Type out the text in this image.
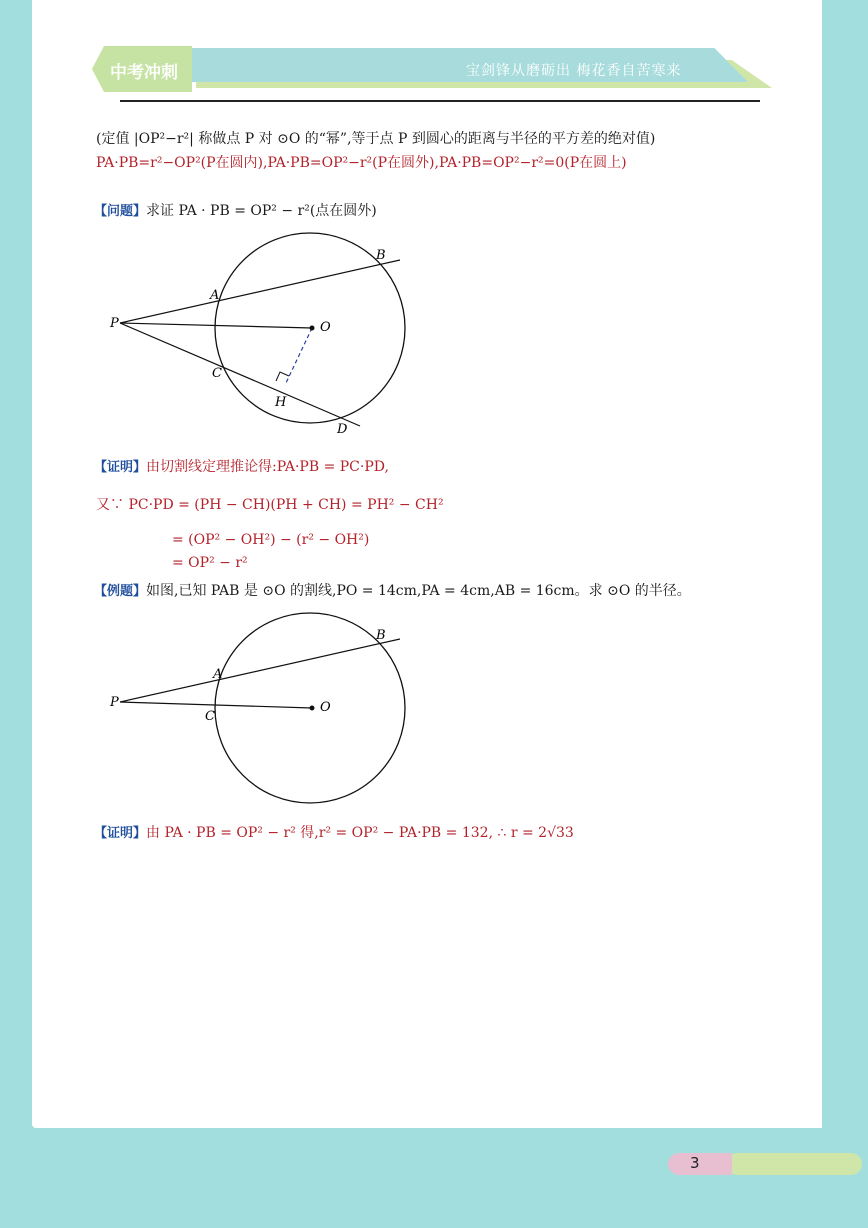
中考冲刺	宝剑锋从磨砺出 梅花香自苦寒来
(定值 |OP²−r²| 称做点 P 对 ⊙O 的“幂”,等于点 P 到圆心的距离与半径的平方差的绝对值)
PA·PB=r²−OP²(P在圆内),PA·PB=OP²−r²(P在圆外),PA·PB=OP²−r²=0(P在圆上)
【问题】求证 PA · PB = OP² − r²(点在圆外)
P
A
B
O
C
H
D
【证明】由切割线定理推论得:PA·PB = PC·PD,
又∵ PC·PD = (PH − CH)(PH + CH) = PH² − CH²
= (OP² − OH²) − (r² − OH²)
= OP² − r²
【例题】如图,已知 PAB 是 ⊙O 的割线,PO = 14cm,PA = 4cm,AB = 16cm。求 ⊙O 的半径。
P
A
B
O
C
【证明】由 PA · PB = OP² − r² 得,r² = OP² − PA·PB = 132, ∴ r = 2√33
3
